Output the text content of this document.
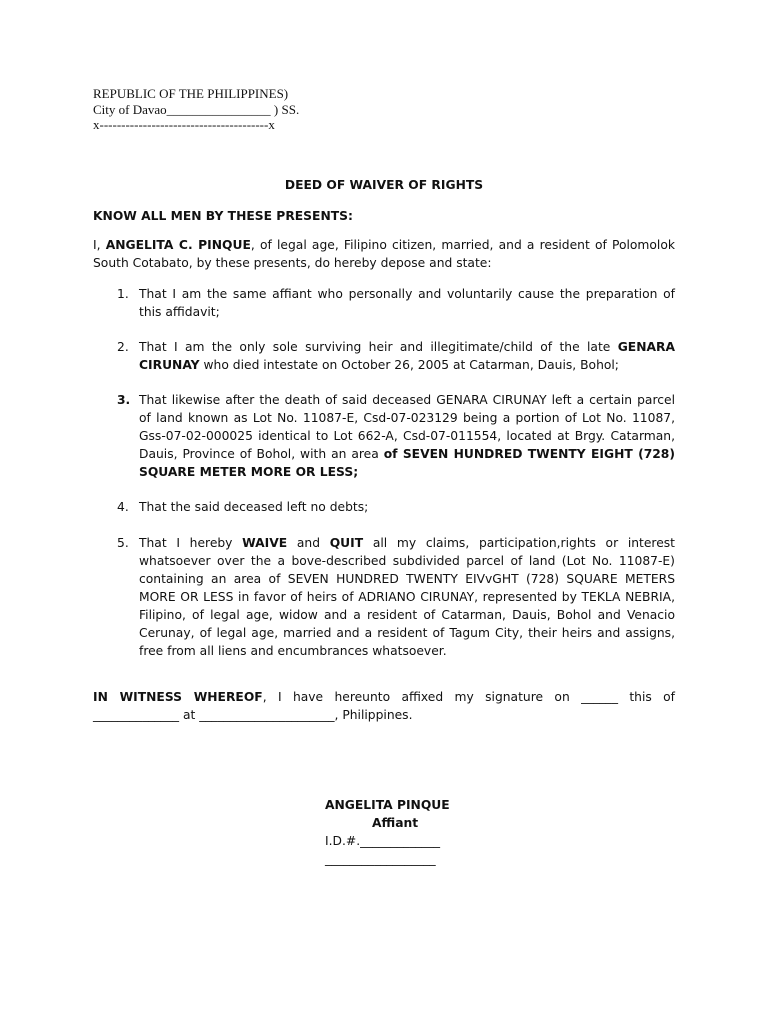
REPUBLIC OF THE PHILIPPINES)
City of Davao________________ ) SS.
x---------------------------------------x
DEED OF WAIVER OF RIGHTS
KNOW ALL MEN BY THESE PRESENTS:

I, ANGELITA C. PINQUE, of legal age, Filipino citizen, married, and a resident of Polomolok South Cotabato, by these presents, do hereby depose and state:

1. That I am the same affiant who personally and voluntarily cause the preparation of this affidavit;

2. That I am the only sole surviving heir and illegitimate/child of the late GENARA CIRUNAY who died intestate on October 26, 2005 at Catarman, Dauis, Bohol;

3. That likewise after the death of said deceased GENARA CIRUNAY left a certain parcel of land known as Lot No. 11087-E, Csd-07-023129 being a portion of Lot No. 11087, Gss-07-02-000025 identical to Lot 662-A, Csd-07-011554, located at Brgy. Catarman, Dauis, Province of Bohol, with an area of SEVEN HUNDRED TWENTY EIGHT (728) SQUARE METER MORE OR LESS;

4. That the said deceased left no debts;

5. That I hereby WAIVE and QUIT all my claims, participation,rights or interest whatsoever over the a bove-described subdivided parcel of land (Lot No. 11087-E) containing an area of SEVEN HUNDRED TWENTY EIVvGHT (728) SQUARE METERS MORE OR LESS in favor of heirs of ADRIANO CIRUNAY, represented by TEKLA NEBRIA, Filipino, of legal age, widow and a resident of Catarman, Dauis, Bohol and Venacio Cerunay, of legal age, married and a resident of Tagum City, their heirs and assigns, free from all liens and encumbrances whatsoever.

IN WITNESS WHEREOF, I have hereunto affixed my signature on ______ this of ______________ at ______________________, Philippines.

ANGELITA PINQUE
Affiant
I.D.#._____________
__________________
